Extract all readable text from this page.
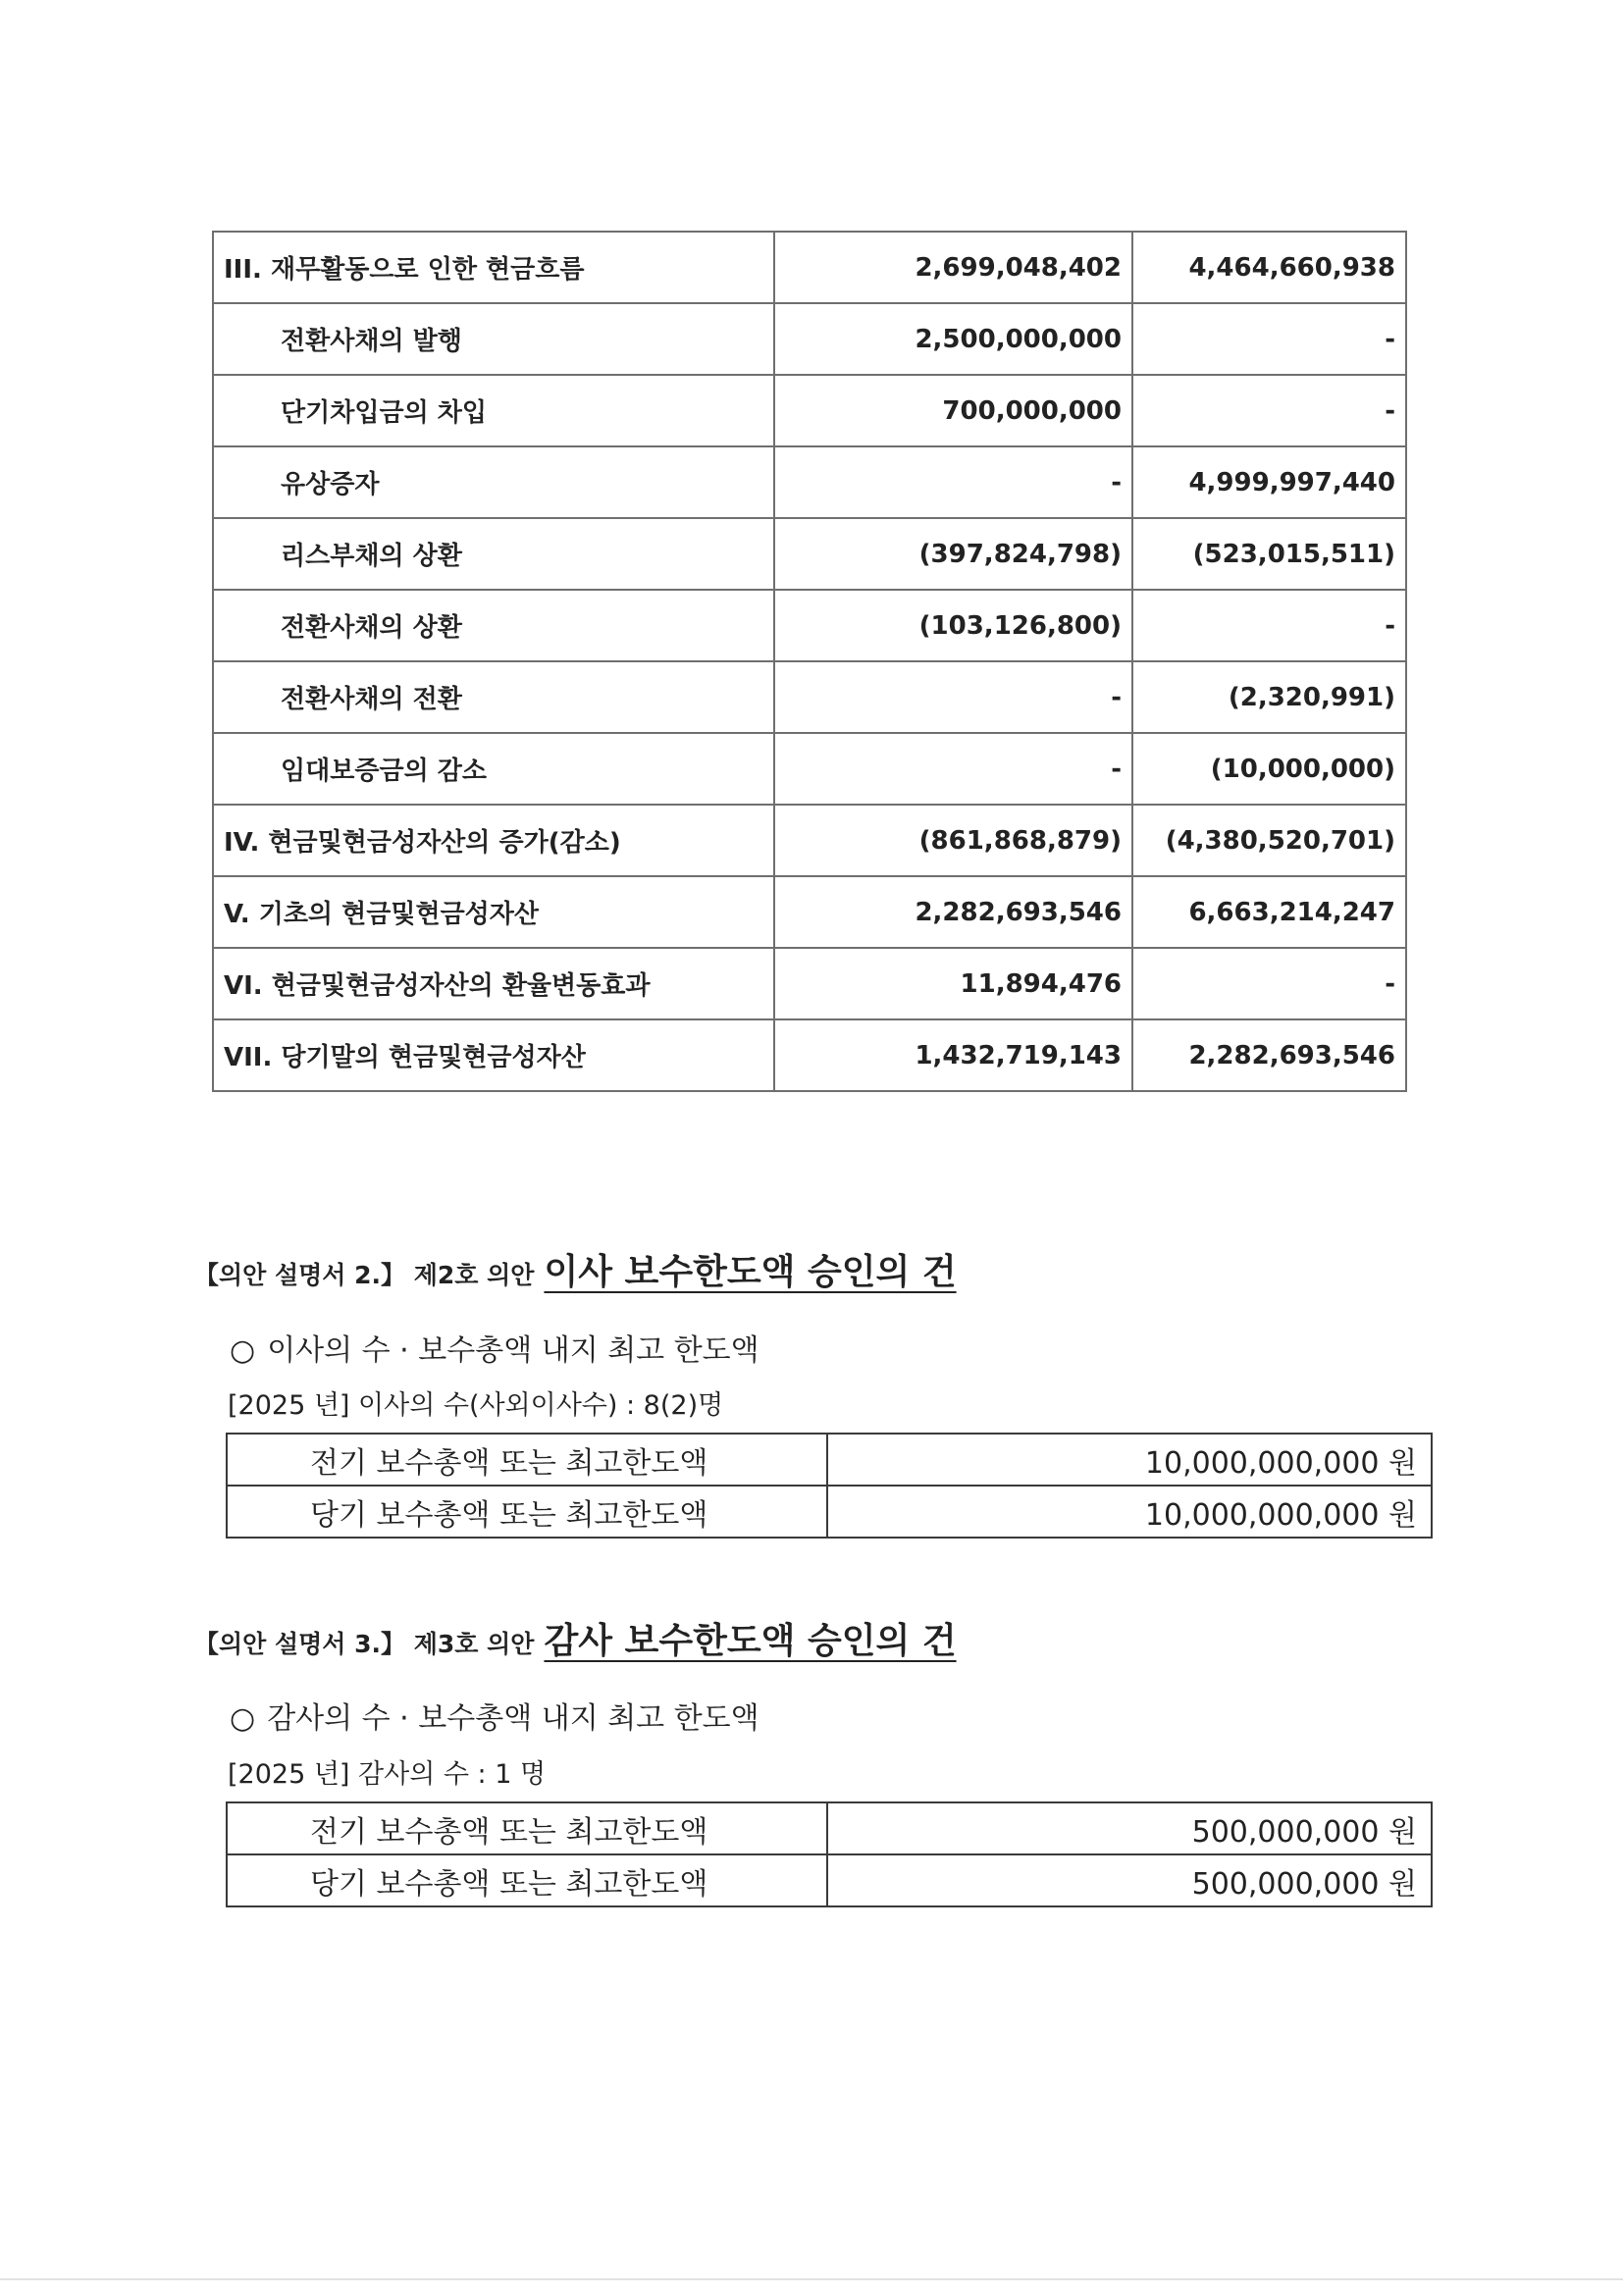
III. 재무활동으로 인한 현금흐름	2,699,048,402	4,464,660,938
전환사채의 발행	2,500,000,000	-
단기차입금의 차입	700,000,000	-
유상증자	-	4,999,997,440
리스부채의 상환	(397,824,798)	(523,015,511)
전환사채의 상환	(103,126,800)	-
전환사채의 전환	-	(2,320,991)
임대보증금의 감소	-	(10,000,000)
IV. 현금및현금성자산의 증가(감소)	(861,868,879)	(4,380,520,701)
V. 기초의 현금및현금성자산	2,282,693,546	6,663,214,247
VI. 현금및현금성자산의 환율변동효과	11,894,476	-
VII. 당기말의 현금및현금성자산	1,432,719,143	2,282,693,546
【의안 설명서 2.】 제2호 의안 이사 보수한도액 승인의 건
○ 이사의 수 · 보수총액 내지 최고 한도액
[2025 년] 이사의 수(사외이사수) : 8(2)명
전기 보수총액 또는 최고한도액	10,000,000,000 원
당기 보수총액 또는 최고한도액	10,000,000,000 원
【의안 설명서 3.】 제3호 의안 감사 보수한도액 승인의 건
○ 감사의 수 · 보수총액 내지 최고 한도액
[2025 년] 감사의 수 : 1 명
전기 보수총액 또는 최고한도액	500,000,000 원
당기 보수총액 또는 최고한도액	500,000,000 원
